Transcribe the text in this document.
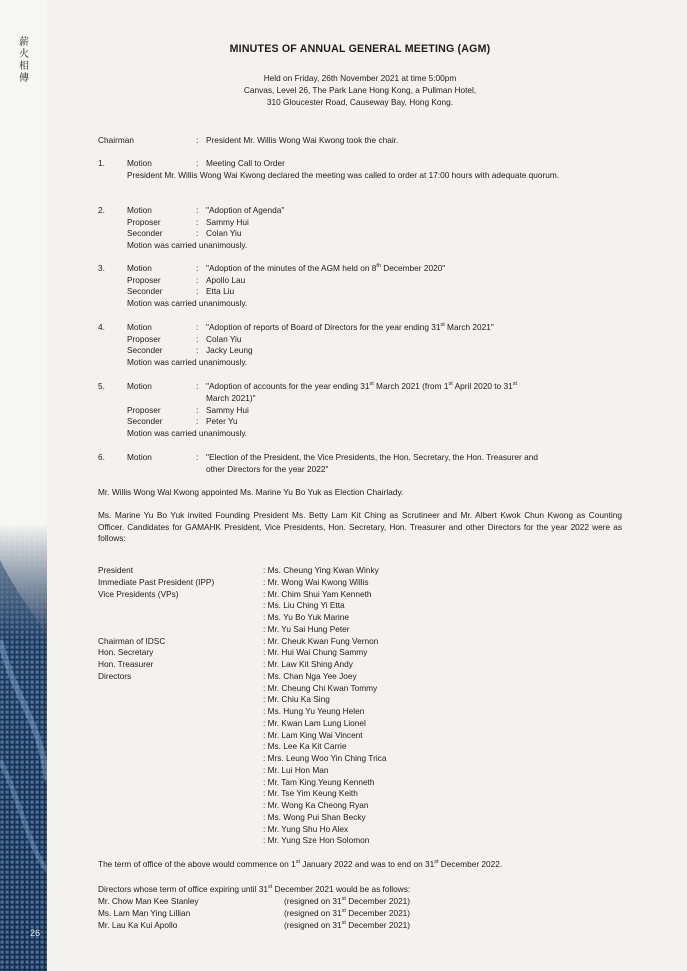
薪
火
相
傳
26
MINUTES OF ANNUAL GENERAL MEETING (AGM)
Held on Friday, 26th November 2021 at time 5:00pm
Canvas, Level 26, The Park Lane Hong Kong, a Pullman Hotel,
310 Gloucester Road, Causeway Bay, Hong Kong.
Chairman	: President Mr. Willis Wong Wai Kwong took the chair.
1.	Motion	: Meeting Call to Order
President Mr. Willis Wong Wai Kwong declared the meeting was called to order at 17:00 hours with adequate quorum.
2.	Motion	: "Adoption of Agenda"
Proposer	: Sammy Hui
Seconder	: Colan Yiu
Motion was carried unanimously.
3.	Motion	: "Adoption of the minutes of the AGM held on 8th December 2020"
Proposer	: Apollo Lau
Seconder	: Etta Liu
Motion was carried unanimously.
4.	Motion	: "Adoption of reports of Board of Directors for the year ending 31st March 2021"
Proposer	: Colan Yiu
Seconder	: Jacky Leung
Motion was carried unanimously.
5.	Motion	: "Adoption of accounts for the year ending 31st March 2021 (from 1st April 2020 to 31st
March 2021)"
Proposer	: Sammy Hui
Seconder	: Peter Yu
Motion was carried unanimously.
6.	Motion	: "Election of the President, the Vice Presidents, the Hon. Secretary, the Hon. Treasurer and
other Directors for the year 2022"
Mr. Willis Wong Wai Kwong appointed Ms. Marine Yu Bo Yuk as Election Chairlady.
Ms. Marine Yu Bo Yuk invited Founding President Ms. Betty Lam Kit Ching as Scrutineer and Mr. Albert Kwok Chun Kwong as Counting Officer. Candidates for GAMAHK President, Vice Presidents, Hon. Secretary, Hon. Treasurer and other Directors for the year 2022 were as follows:
President	: Ms. Cheung Ying Kwan Winky
Immediate Past President (IPP)	: Mr. Wong Wai Kwong Willis
Vice Presidents (VPs)	: Mr. Chim Shui Yam Kenneth
: Ms. Liu Ching Yi Etta
: Ms. Yu Bo Yuk Marine
: Mr. Yu Sai Hung Peter
Chairman of IDSC	: Mr. Cheuk Kwan Fung Vernon
Hon. Secretary	: Mr. Hui Wai Chung Sammy
Hon. Treasurer	: Mr. Law Kit Shing Andy
Directors	: Ms. Chan Nga Yee Joey
: Mr. Cheung Chi Kwan Tommy
: Mr. Chiu Ka Sing
: Ms. Hung Yu Yeung Helen
: Mr. Kwan Lam Lung Lionel
: Mr. Lam King Wai Vincent
: Ms. Lee Ka Kit Carrie
: Mrs. Leung Woo Yin Ching Trica
: Mr. Lui Hon Man
: Mr. Tam King Yeung Kenneth
: Mr. Tse Yim Keung Keith
: Mr. Wong Ka Cheong Ryan
: Ms. Wong Pui Shan Becky
: Mr. Yung Shu Ho Alex
: Mr. Yung Sze Hon Solomon
The term of office of the above would commence on 1st January 2022 and was to end on 31st December 2022.
Directors whose term of office expiring until 31st December 2021 would be as follows:
Mr. Chow Man Kee Stanley	(resigned on 31st December 2021)
Ms. Lam Man Ying Lillian	(resigned on 31st December 2021)
Mr. Lau Ka Kui Apollo	(resigned on 31st December 2021)
